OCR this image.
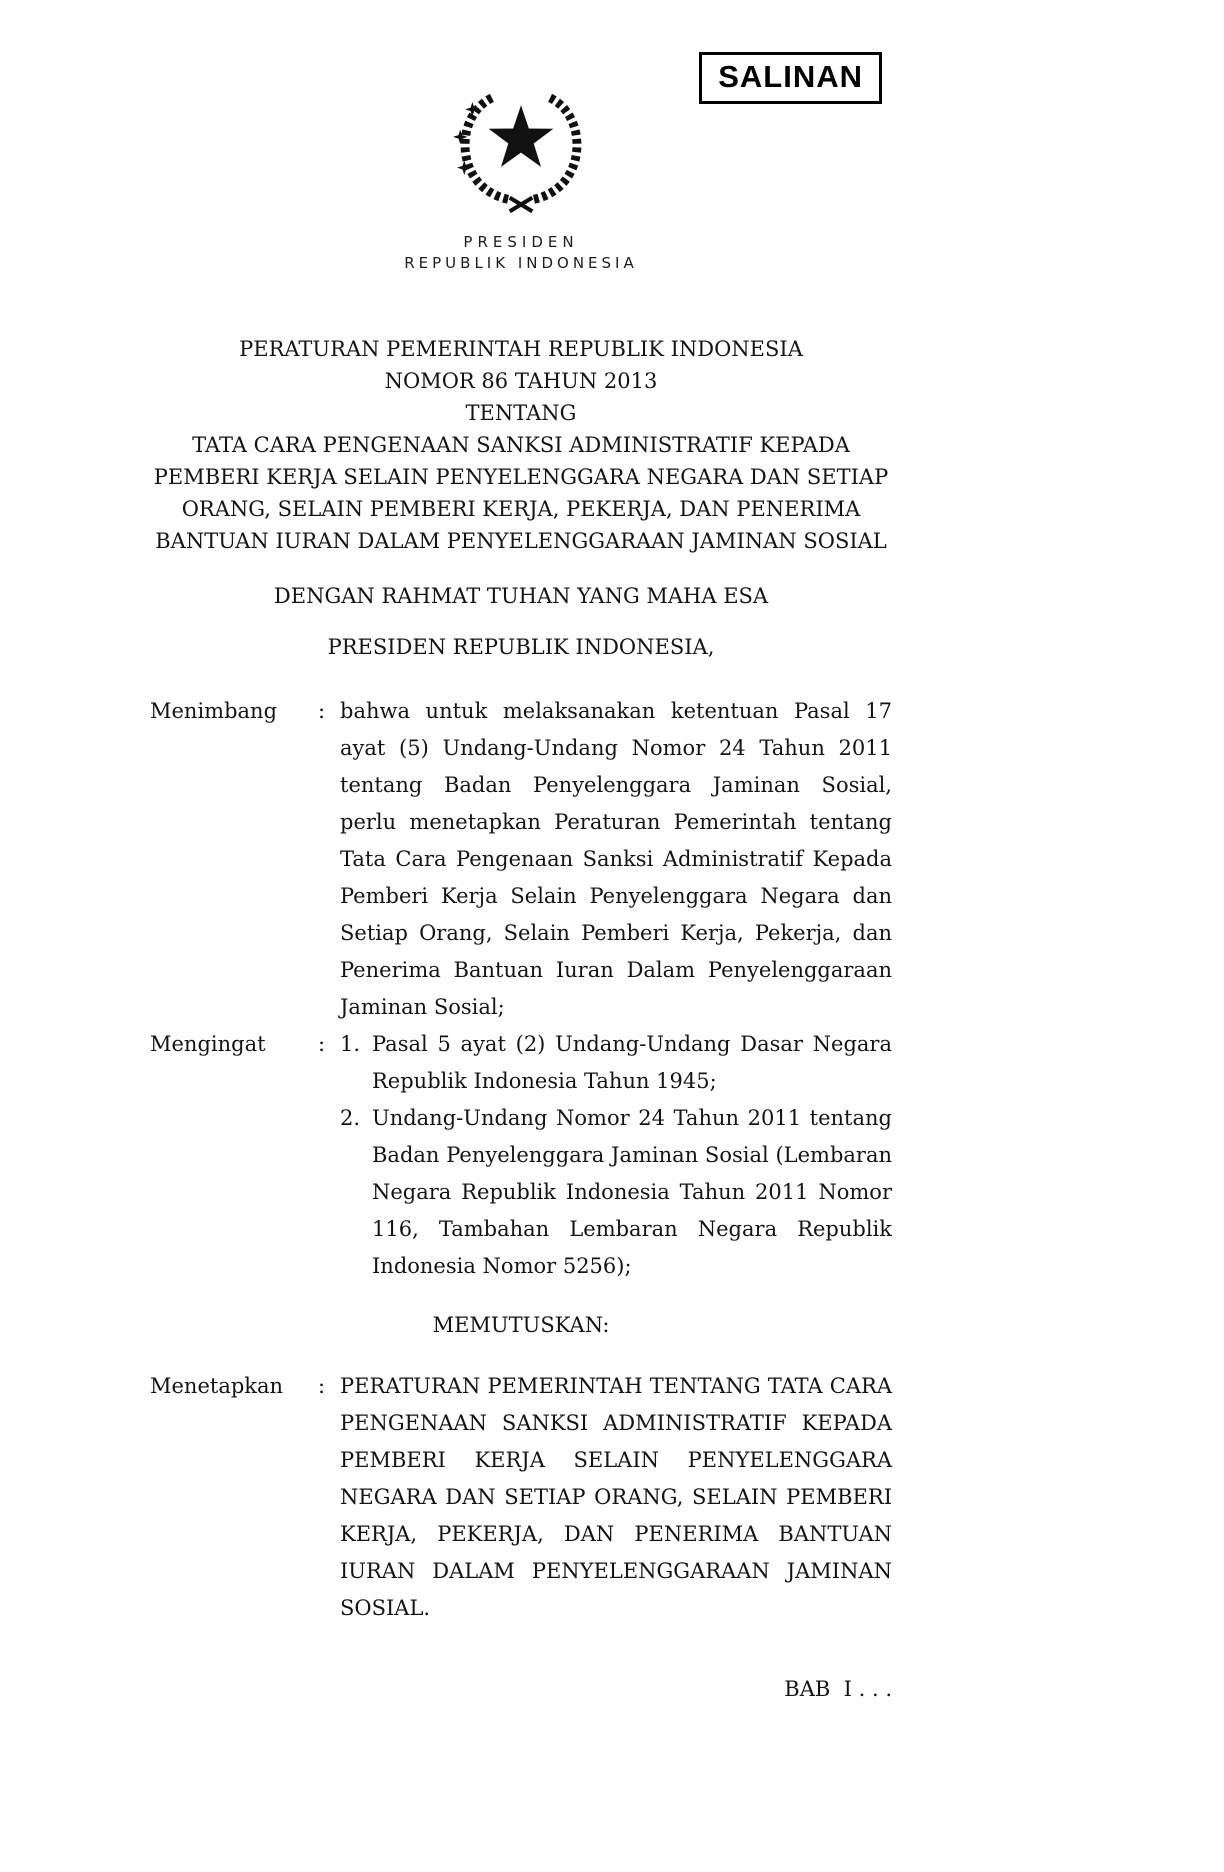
SALINAN
PRESIDEN
REPUBLIK INDONESIA
PERATURAN PEMERINTAH REPUBLIK INDONESIA
NOMOR 86 TAHUN 2013
TENTANG
TATA CARA PENGENAAN SANKSI ADMINISTRATIF KEPADA PEMBERI KERJA SELAIN PENYELENGGARA NEGARA DAN SETIAP ORANG, SELAIN PEMBERI KERJA, PEKERJA, DAN PENERIMA BANTUAN IURAN DALAM PENYELENGGARAAN JAMINAN SOSIAL
DENGAN RAHMAT TUHAN YANG MAHA ESA
PRESIDEN REPUBLIK INDONESIA,
Menimbang	: bahwa untuk melaksanakan ketentuan Pasal 17 ayat (5) Undang-Undang Nomor 24 Tahun 2011 tentang Badan Penyelenggara Jaminan Sosial, perlu menetapkan Peraturan Pemerintah tentang Tata Cara Pengenaan Sanksi Administratif Kepada Pemberi Kerja Selain Penyelenggara Negara dan Setiap Orang, Selain Pemberi Kerja, Pekerja, dan Penerima Bantuan Iuran Dalam Penyelenggaraan Jaminan Sosial;
Mengingat	: 1. Pasal 5 ayat (2) Undang-Undang Dasar Negara Republik Indonesia Tahun 1945;
2. Undang-Undang Nomor 24 Tahun 2011 tentang Badan Penyelenggara Jaminan Sosial (Lembaran Negara Republik Indonesia Tahun 2011 Nomor 116, Tambahan Lembaran Negara Republik Indonesia Nomor 5256);
MEMUTUSKAN:
Menetapkan	: PERATURAN PEMERINTAH TENTANG TATA CARA PENGENAAN SANKSI ADMINISTRATIF KEPADA PEMBERI KERJA SELAIN PENYELENGGARA NEGARA DAN SETIAP ORANG, SELAIN PEMBERI KERJA, PEKERJA, DAN PENERIMA BANTUAN IURAN DALAM PENYELENGGARAAN JAMINAN SOSIAL.
BAB  I . . .
